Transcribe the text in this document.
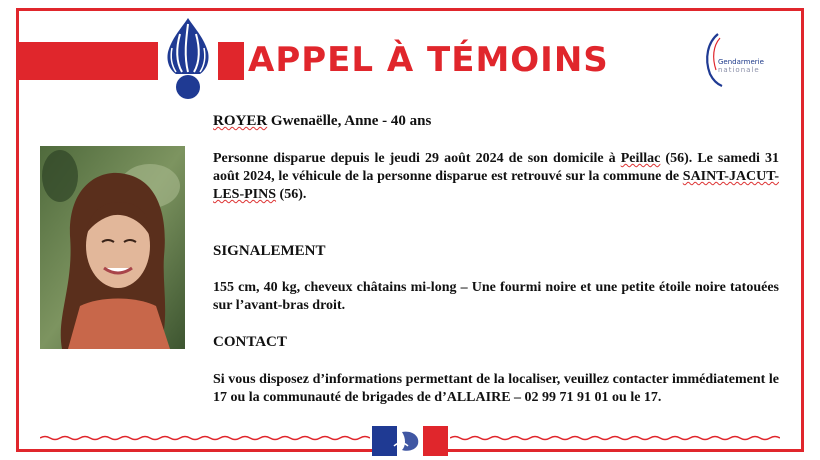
APPEL À TÉMOINS	Gendarmerie
nationale
ROYER Gwenaëlle, Anne - 40 ans

Personne disparue depuis le jeudi 29 août 2024 de son domicile à Peillac (56). Le samedi 31 août 2024, le véhicule de la personne disparue est retrouvé sur la commune de SAINT-JACUT-LES-PINS (56).

SIGNALEMENT

155 cm, 40 kg, cheveux châtains mi-long – Une fourmi noire et une petite étoile noire tatouées sur l’avant-bras droit.

CONTACT

Si vous disposez d’informations permettant de la localiser, veuillez contacter immédiatement le 17 ou la communauté de brigades de d’ALLAIRE – 02 99 71 91 01 ou le 17.
